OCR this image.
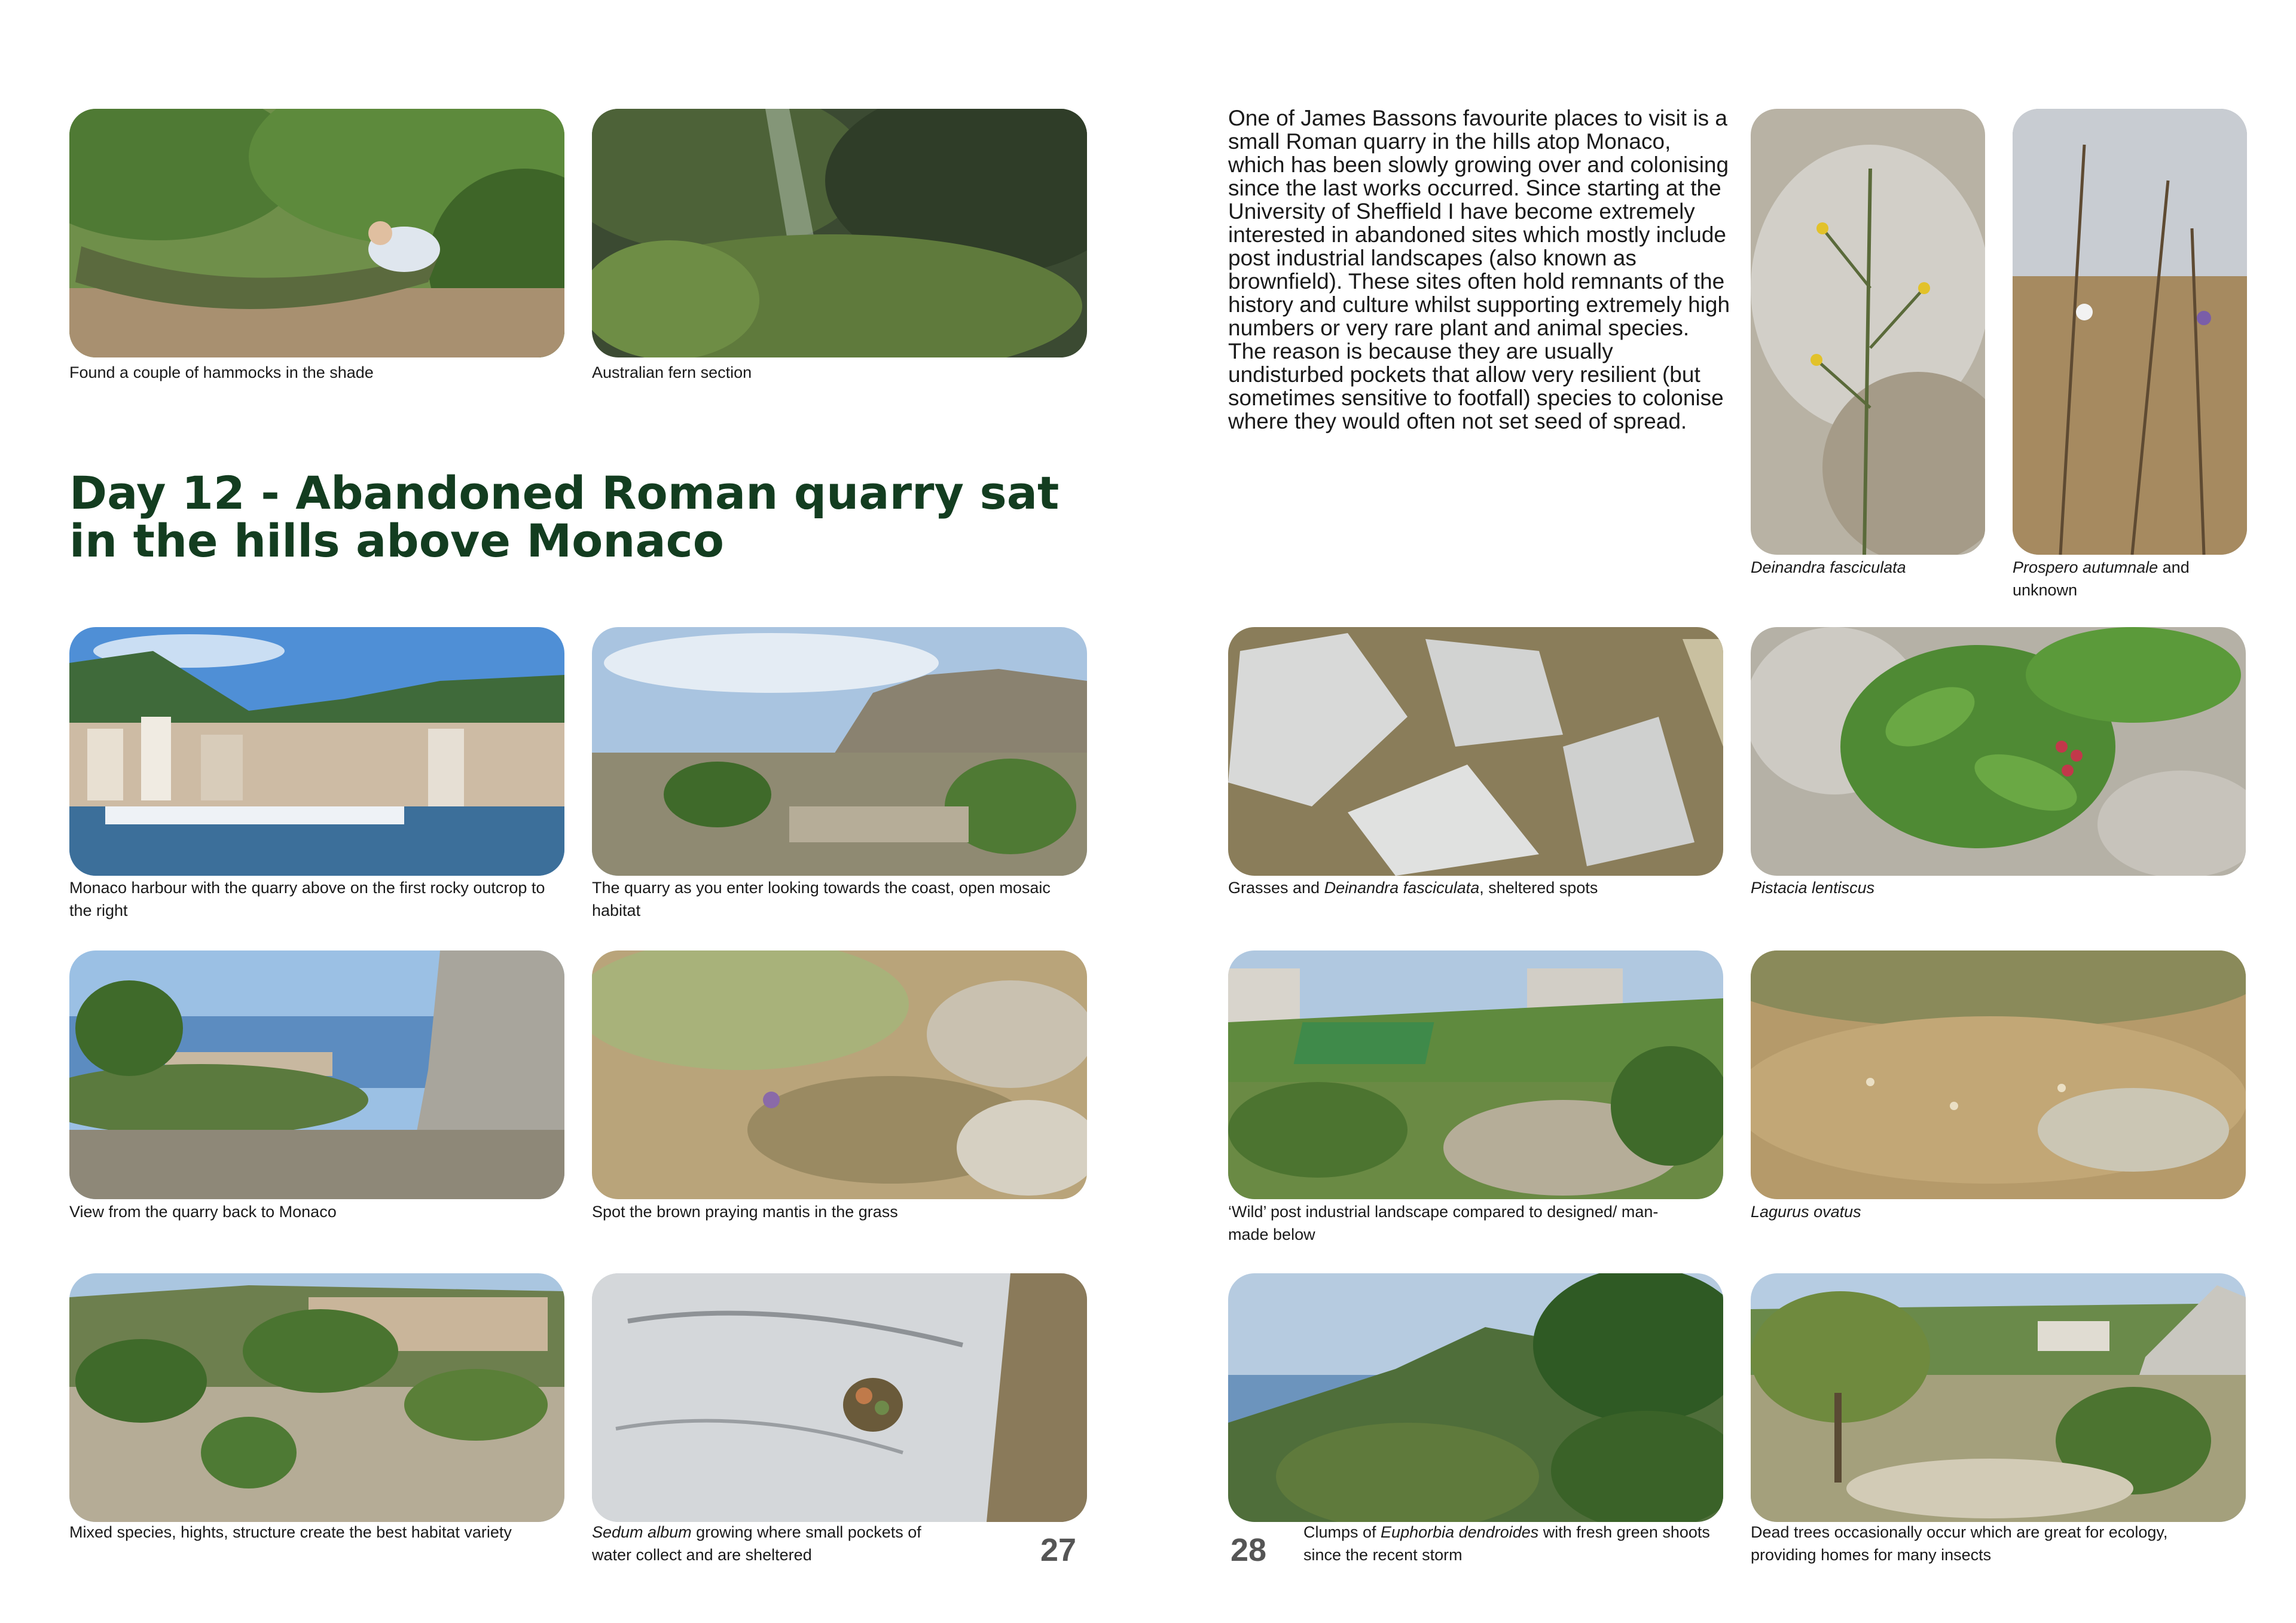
Found a couple of hammocks in the shade	Australian fern section
Day 12 - Abandoned Roman quarry sat in the hills above Monaco
Monaco harbour with the quarry above on the first rocky outcrop to the right
The quarry as you enter looking towards the coast, open mosaic habitat
View from the quarry back to Monaco	Spot the brown praying mantis in the grass
Mixed species, hights, structure create the best habitat variety	Sedum album growing where small pockets of water collect and are sheltered	27

One of James Bassons favourite places to visit is a small Roman quarry in the hills atop Monaco, which has been slowly growing over and colonising since the last works occurred. Since starting at the University of Sheffield I have become extremely interested in abandoned sites which mostly include post industrial landscapes (also known as brownfield). These sites often hold remnants of the history and culture whilst supporting extremely high numbers or very rare plant and animal species. The reason is because they are usually undisturbed pockets that allow very resilient (but sometimes sensitive to footfall) species to colonise where they would often not set seed of spread.

Deinandra fasciculata	Prospero autumnale and unknown
Grasses and Deinandra fasciculata, sheltered spots	Pistacia lentiscus
‘Wild’ post industrial landscape compared to designed/ man-made below
Lagurus ovatus
Clumps of Euphorbia dendroides with fresh green shoots since the recent storm
Dead trees occasionally occur which are great for ecology, providing homes for many insects
28
